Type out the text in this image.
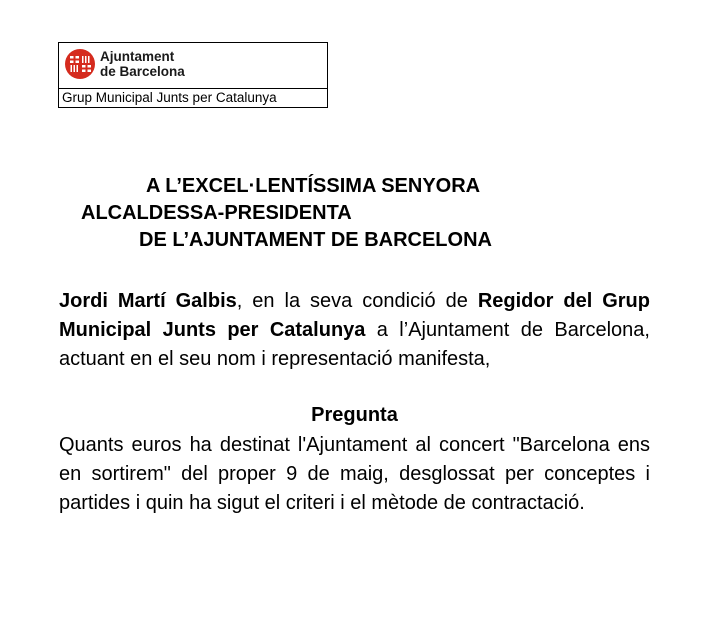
Ajuntament
de Barcelona
Grup Municipal Junts per Catalunya
A L’EXCEL·LENTÍSSIMA SENYORA
ALCALDESSA-PRESIDENTA
DE L’AJUNTAMENT DE BARCELONA
Jordi Martí Galbis, en la seva condició de Regidor del Grup Municipal Junts per Catalunya a l’Ajuntament de Barcelona, actuant en el seu nom i representació manifesta,
Pregunta
Quants euros ha destinat l'Ajuntament al concert "Barcelona ens en sortirem" del proper 9 de maig, desglossat per conceptes i partides i quin ha sigut el criteri i el mètode de contractació.
